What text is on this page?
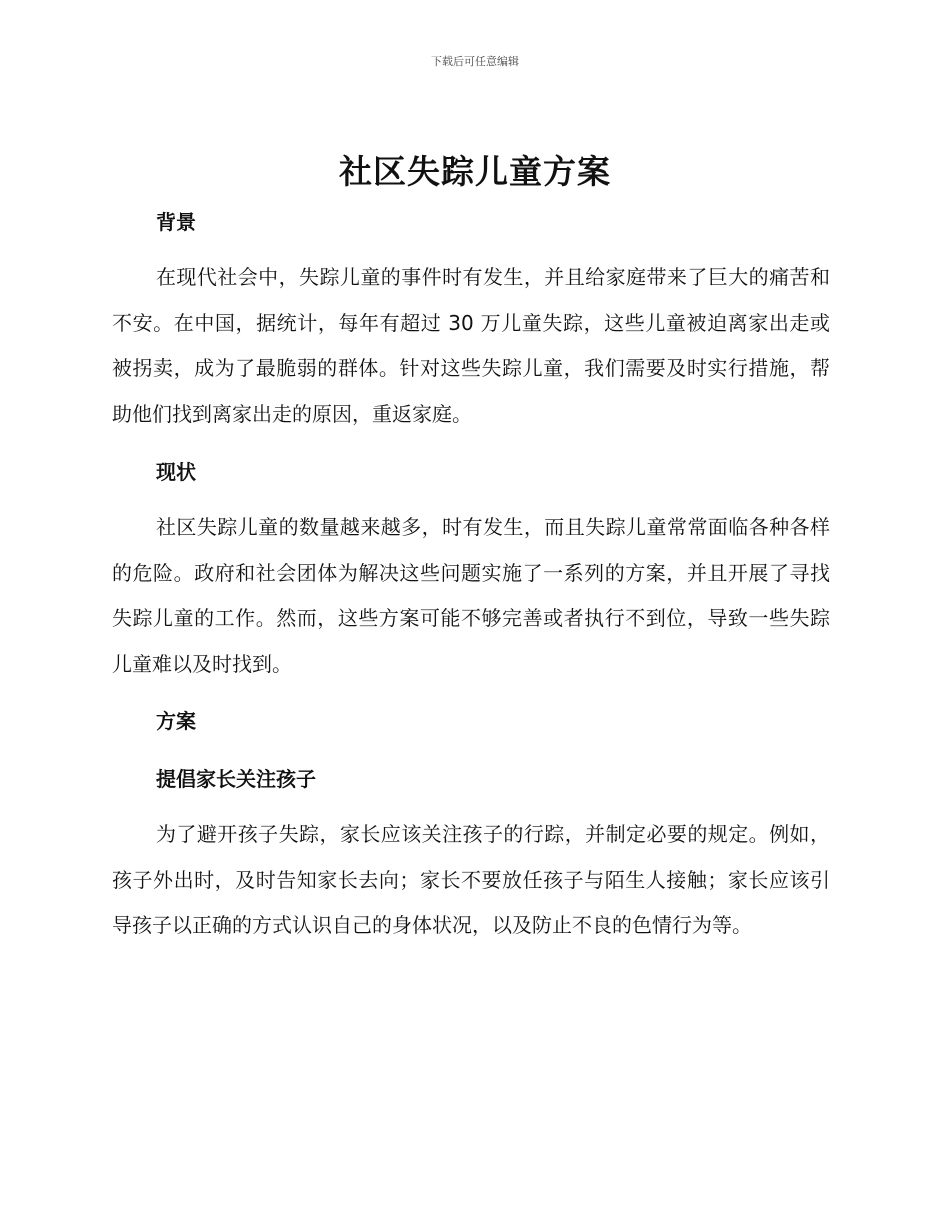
下载后可任意编辑
社区失踪儿童方案
背景

在现代社会中，失踪儿童的事件时有发生，并且给家庭带来了巨大的痛苦和不安。在中国，据统计，每年有超过 30 万儿童失踪，这些儿童被迫离家出走或被拐卖，成为了最脆弱的群体。针对这些失踪儿童，我们需要及时实行措施，帮助他们找到离家出走的原因，重返家庭。

现状

社区失踪儿童的数量越来越多，时有发生，而且失踪儿童常常面临各种各样的危险。政府和社会团体为解决这些问题实施了一系列的方案，并且开展了寻找失踪儿童的工作。然而，这些方案可能不够完善或者执行不到位，导致一些失踪儿童难以及时找到。

方案
提倡家长关注孩子

为了避开孩子失踪，家长应该关注孩子的行踪，并制定必要的规定。例如，孩子外出时，及时告知家长去向；家长不要放任孩子与陌生人接触；家长应该引导孩子以正确的方式认识自己的身体状况，以及防止不良的色情行为等。
